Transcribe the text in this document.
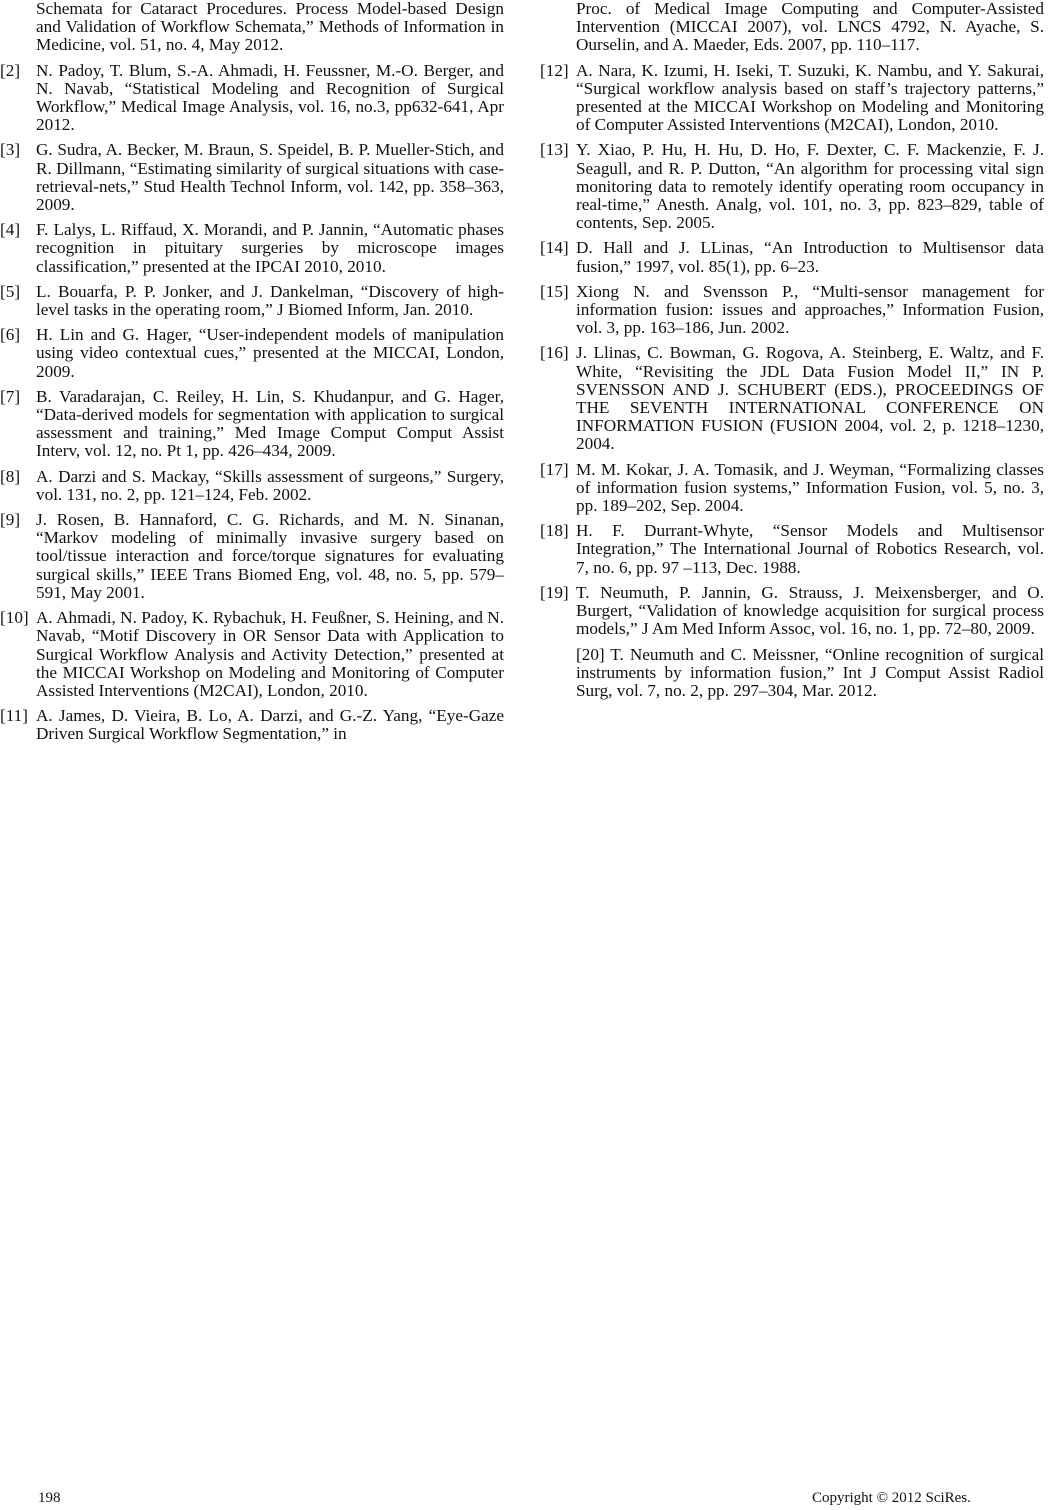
Schemata for Cataract Procedures. Process Model-based Design and Validation of Workflow Schemata,” Methods of Information in Medicine, vol. 51, no. 4, May 2012.
[2] N. Padoy, T. Blum, S.-A. Ahmadi, H. Feussner, M.-O. Berger, and N. Navab, “Statistical Modeling and Recognition of Surgical Workflow,” Medical Image Analysis, vol. 16, no.3, pp632-641, Apr 2012.
[3] G. Sudra, A. Becker, M. Braun, S. Speidel, B. P. Mueller-Stich, and R. Dillmann, “Estimating similarity of surgical situations with case-retrieval-nets,” Stud Health Technol Inform, vol. 142, pp. 358–363, 2009.
[4] F. Lalys, L. Riffaud, X. Morandi, and P. Jannin, “Automatic phases recognition in pituitary surgeries by microscope images classification,” presented at the IPCAI 2010, 2010.
[5] L. Bouarfa, P. P. Jonker, and J. Dankelman, “Discovery of high-level tasks in the operating room,” J Biomed Inform, Jan. 2010.
[6] H. Lin and G. Hager, “User-independent models of manipulation using video contextual cues,” presented at the MICCAI, London, 2009.
[7] B. Varadarajan, C. Reiley, H. Lin, S. Khudanpur, and G. Hager, “Data-derived models for segmentation with application to surgical assessment and training,” Med Image Comput Comput Assist Interv, vol. 12, no. Pt 1, pp. 426–434, 2009.
[8] A. Darzi and S. Mackay, “Skills assessment of surgeons,” Surgery, vol. 131, no. 2, pp. 121–124, Feb. 2002.
[9] J. Rosen, B. Hannaford, C. G. Richards, and M. N. Sinanan, “Markov modeling of minimally invasive surgery based on tool/tissue interaction and force/torque signatures for evaluating surgical skills,” IEEE Trans Biomed Eng, vol. 48, no. 5, pp. 579–591, May 2001.
[10] A. Ahmadi, N. Padoy, K. Rybachuk, H. Feußner, S. Heining, and N. Navab, “Motif Discovery in OR Sensor Data with Application to Surgical Workflow Analysis and Activity Detection,” presented at the MICCAI Workshop on Modeling and Monitoring of Computer Assisted Interventions (M2CAI), London, 2010.
[11] A. James, D. Vieira, B. Lo, A. Darzi, and G.-Z. Yang, “Eye-Gaze Driven Surgical Workflow Segmentation,” in
Proc. of Medical Image Computing and Computer-Assisted Intervention (MICCAI 2007), vol. LNCS 4792, N. Ayache, S. Ourselin, and A. Maeder, Eds. 2007, pp. 110–117.
[12] A. Nara, K. Izumi, H. Iseki, T. Suzuki, K. Nambu, and Y. Sakurai, “Surgical workflow analysis based on staff’s trajectory patterns,” presented at the MICCAI Workshop on Modeling and Monitoring of Computer Assisted Interventions (M2CAI), London, 2010.
[13] Y. Xiao, P. Hu, H. Hu, D. Ho, F. Dexter, C. F. Mackenzie, F. J. Seagull, and R. P. Dutton, “An algorithm for processing vital sign monitoring data to remotely identify operating room occupancy in real-time,” Anesth. Analg, vol. 101, no. 3, pp. 823–829, table of contents, Sep. 2005.
[14] D. Hall and J. LLinas, “An Introduction to Multisensor data fusion,” 1997, vol. 85(1), pp. 6–23.
[15] Xiong N. and Svensson P., “Multi-sensor management for information fusion: issues and approaches,” Information Fusion, vol. 3, pp. 163–186, Jun. 2002.
[16] J. Llinas, C. Bowman, G. Rogova, A. Steinberg, E. Waltz, and F. White, “Revisiting the JDL Data Fusion Model II,” IN P. SVENSSON AND J. SCHUBERT (EDS.), PROCEEDINGS OF THE SEVENTH INTERNATIONAL CONFERENCE ON INFORMATION FUSION (FUSION 2004, vol. 2, p. 1218–1230, 2004.
[17] M. M. Kokar, J. A. Tomasik, and J. Weyman, “Formalizing classes of information fusion systems,” Information Fusion, vol. 5, no. 3, pp. 189–202, Sep. 2004.
[18] H. F. Durrant-Whyte, “Sensor Models and Multisensor Integration,” The International Journal of Robotics Research, vol. 7, no. 6, pp. 97 –113, Dec. 1988.
[19] T. Neumuth, P. Jannin, G. Strauss, J. Meixensberger, and O. Burgert, “Validation of knowledge acquisition for surgical process models,” J Am Med Inform Assoc, vol. 16, no. 1, pp. 72–80, 2009.
[20] T. Neumuth and C. Meissner, “Online recognition of surgical instruments by information fusion,” Int J Comput Assist Radiol Surg, vol. 7, no. 2, pp. 297–304, Mar. 2012.
198	Copyright © 2012 SciRes.
